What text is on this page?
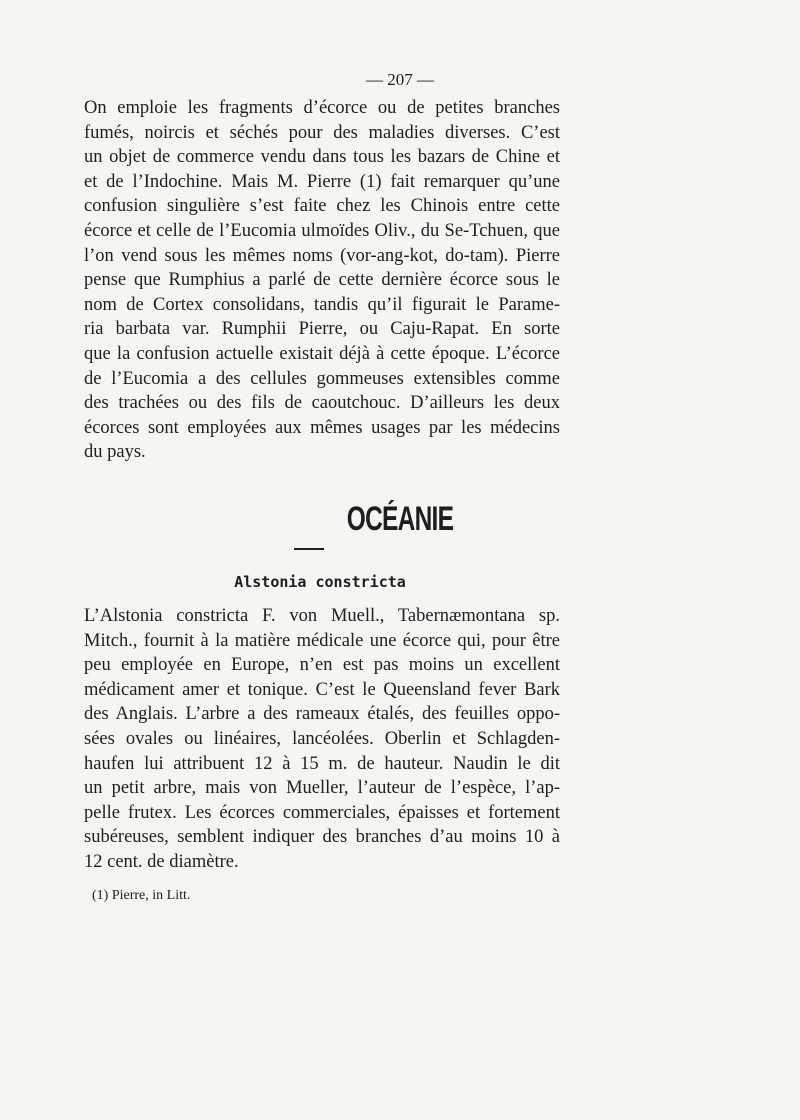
— 207 —

On emploie les fragments d’écorce ou de petites branches
fumés, noircis et séchés pour des maladies diverses. C’est
un objet de commerce vendu dans tous les bazars de Chine et
et de l’Indochine. Mais M. Pierre (1) fait remarquer qu’une
confusion singulière s’est faite chez les Chinois entre cette
écorce et celle de l’Eucomia ulmoïdes Oliv., du Se-Tchuen, que
l’on vend sous les mêmes noms (vor-ang-kot, do-tam). Pierre
pense que Rumphius a parlé de cette dernière écorce sous le
nom de Cortex consolidans, tandis qu’il figurait le Parame-
ria barbata var. Rumphii Pierre, ou Caju-Rapat. En sorte
que la confusion actuelle existait déjà à cette époque. L’écorce
de l’Eucomia a des cellules gommeuses extensibles comme
des trachées ou des fils de caoutchouc. D’ailleurs les deux
écorces sont employées aux mêmes usages par les médecins
du pays.

OCÉANIE
Alstonia constricta

L’Alstonia constricta F. von Muell., Tabernæmontana sp.
Mitch., fournit à la matière médicale une écorce qui, pour être
peu employée en Europe, n’en est pas moins un excellent
médicament amer et tonique. C’est le Queensland fever Bark
des Anglais. L’arbre a des rameaux étalés, des feuilles oppo-
sées ovales ou linéaires, lancéolées. Oberlin et Schlagden-
haufen lui attribuent 12 à 15 m. de hauteur. Naudin le dit
un petit arbre, mais von Mueller, l’auteur de l’espèce, l’ap-
pelle frutex. Les écorces commerciales, épaisses et fortement
subéreuses, semblent indiquer des branches d’au moins 10 à
12 cent. de diamètre.

(1) Pierre, in Litt.
